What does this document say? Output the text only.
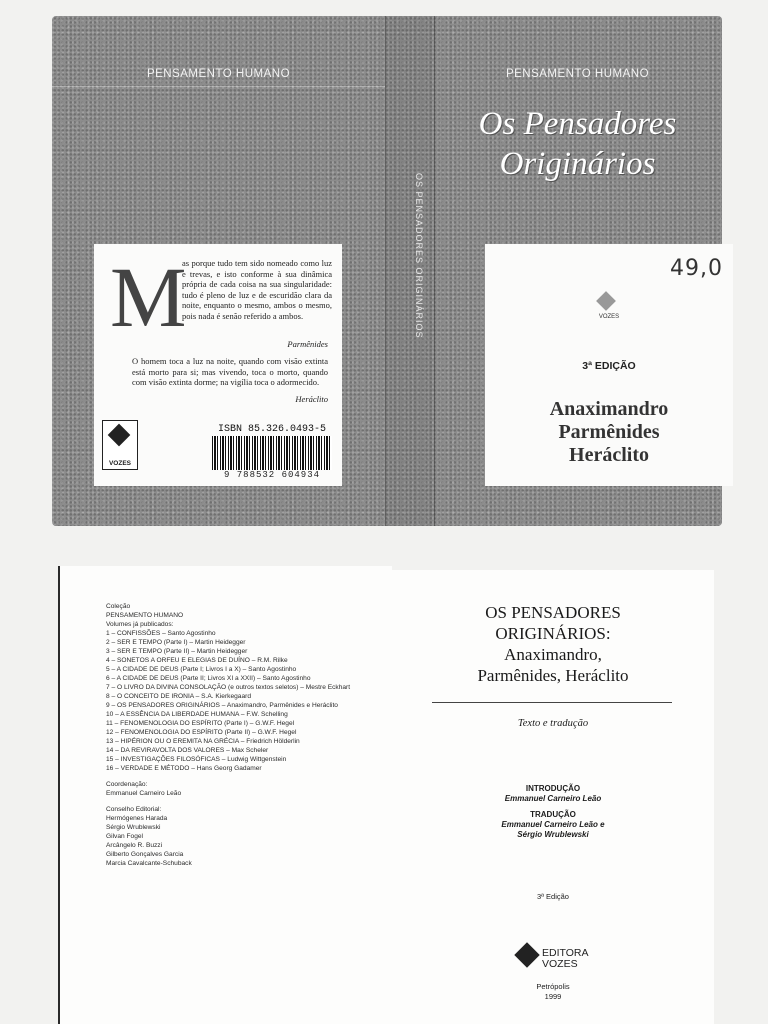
PENSAMENTO HUMANO
M
as porque tudo tem sido nomeado como luz e trevas, e isto conforme à sua dinâmica própria de cada coisa na sua singularidade: tudo é pleno de luz e de escuridão clara da noite, enquanto o mesmo, ambos o mesmo, pois nada é senão referido a ambos.
Parmênides
O homem toca a luz na noite, quando com visão extinta está morto para si; mas vivendo, toca o morto, quando com visão extinta dorme; na vigília toca o adormecido.
Heráclito
VOZES
ISBN 85.326.0493-5
9 788532 604934
OS PENSADORES ORIGINÁRIOS
PENSAMENTO HUMANO
Os Pensadores
Originários
49,0
VOZES
3ª EDIÇÃO
Anaximandro
Parmênides
Heráclito
Coleção
PENSAMENTO HUMANO
Volumes já publicados:
1 – CONFISSÕES – Santo Agostinho
2 – SER E TEMPO (Parte I) – Martin Heidegger
3 – SER E TEMPO (Parte II) – Martin Heidegger
4 – SONETOS A ORFEU E ELEGIAS DE DUÍNO – R.M. Rilke
5 – A CIDADE DE DEUS (Parte I; Livros I a X) – Santo Agostinho
6 – A CIDADE DE DEUS (Parte II; Livros XI a XXII) – Santo Agostinho
7 – O LIVRO DA DIVINA CONSOLAÇÃO (e outros textos seletos) – Mestre Eckhart
8 – O CONCEITO DE IRONIA – S.A. Kierkegaard
9 – OS PENSADORES ORIGINÁRIOS – Anaximandro, Parmênides e Heráclito
10 – A ESSÊNCIA DA LIBERDADE HUMANA – F.W. Schelling
11 – FENOMENOLOGIA DO ESPÍRITO (Parte I) – G.W.F. Hegel
12 – FENOMENOLOGIA DO ESPÍRITO (Parte II) – G.W.F. Hegel
13 – HIPÉRION OU O EREMITA NA GRÉCIA – Friedrich Hölderlin
14 – DA REVIRAVOLTA DOS VALORES – Max Scheler
15 – INVESTIGAÇÕES FILOSÓFICAS – Ludwig Wittgenstein
16 – VERDADE E MÉTODO – Hans Georg Gadamer
Coordenação:
Emmanuel Carneiro Leão
Conselho Editorial:
Hermógenes Harada
Sérgio Wrublewski
Gilvan Fogel
Arcângelo R. Buzzi
Gilberto Gonçalves Garcia
Marcia Cavalcante-Schuback
OS PENSADORES
ORIGINÁRIOS:
Anaximandro,
Parmênides, Heráclito
Texto e tradução
INTRODUÇÃO
Emmanuel Carneiro Leão
TRADUÇÃO
Emmanuel Carneiro Leão e
Sérgio Wrublewski
3ª Edição
EDITORA
VOZES
Petrópolis
1999
